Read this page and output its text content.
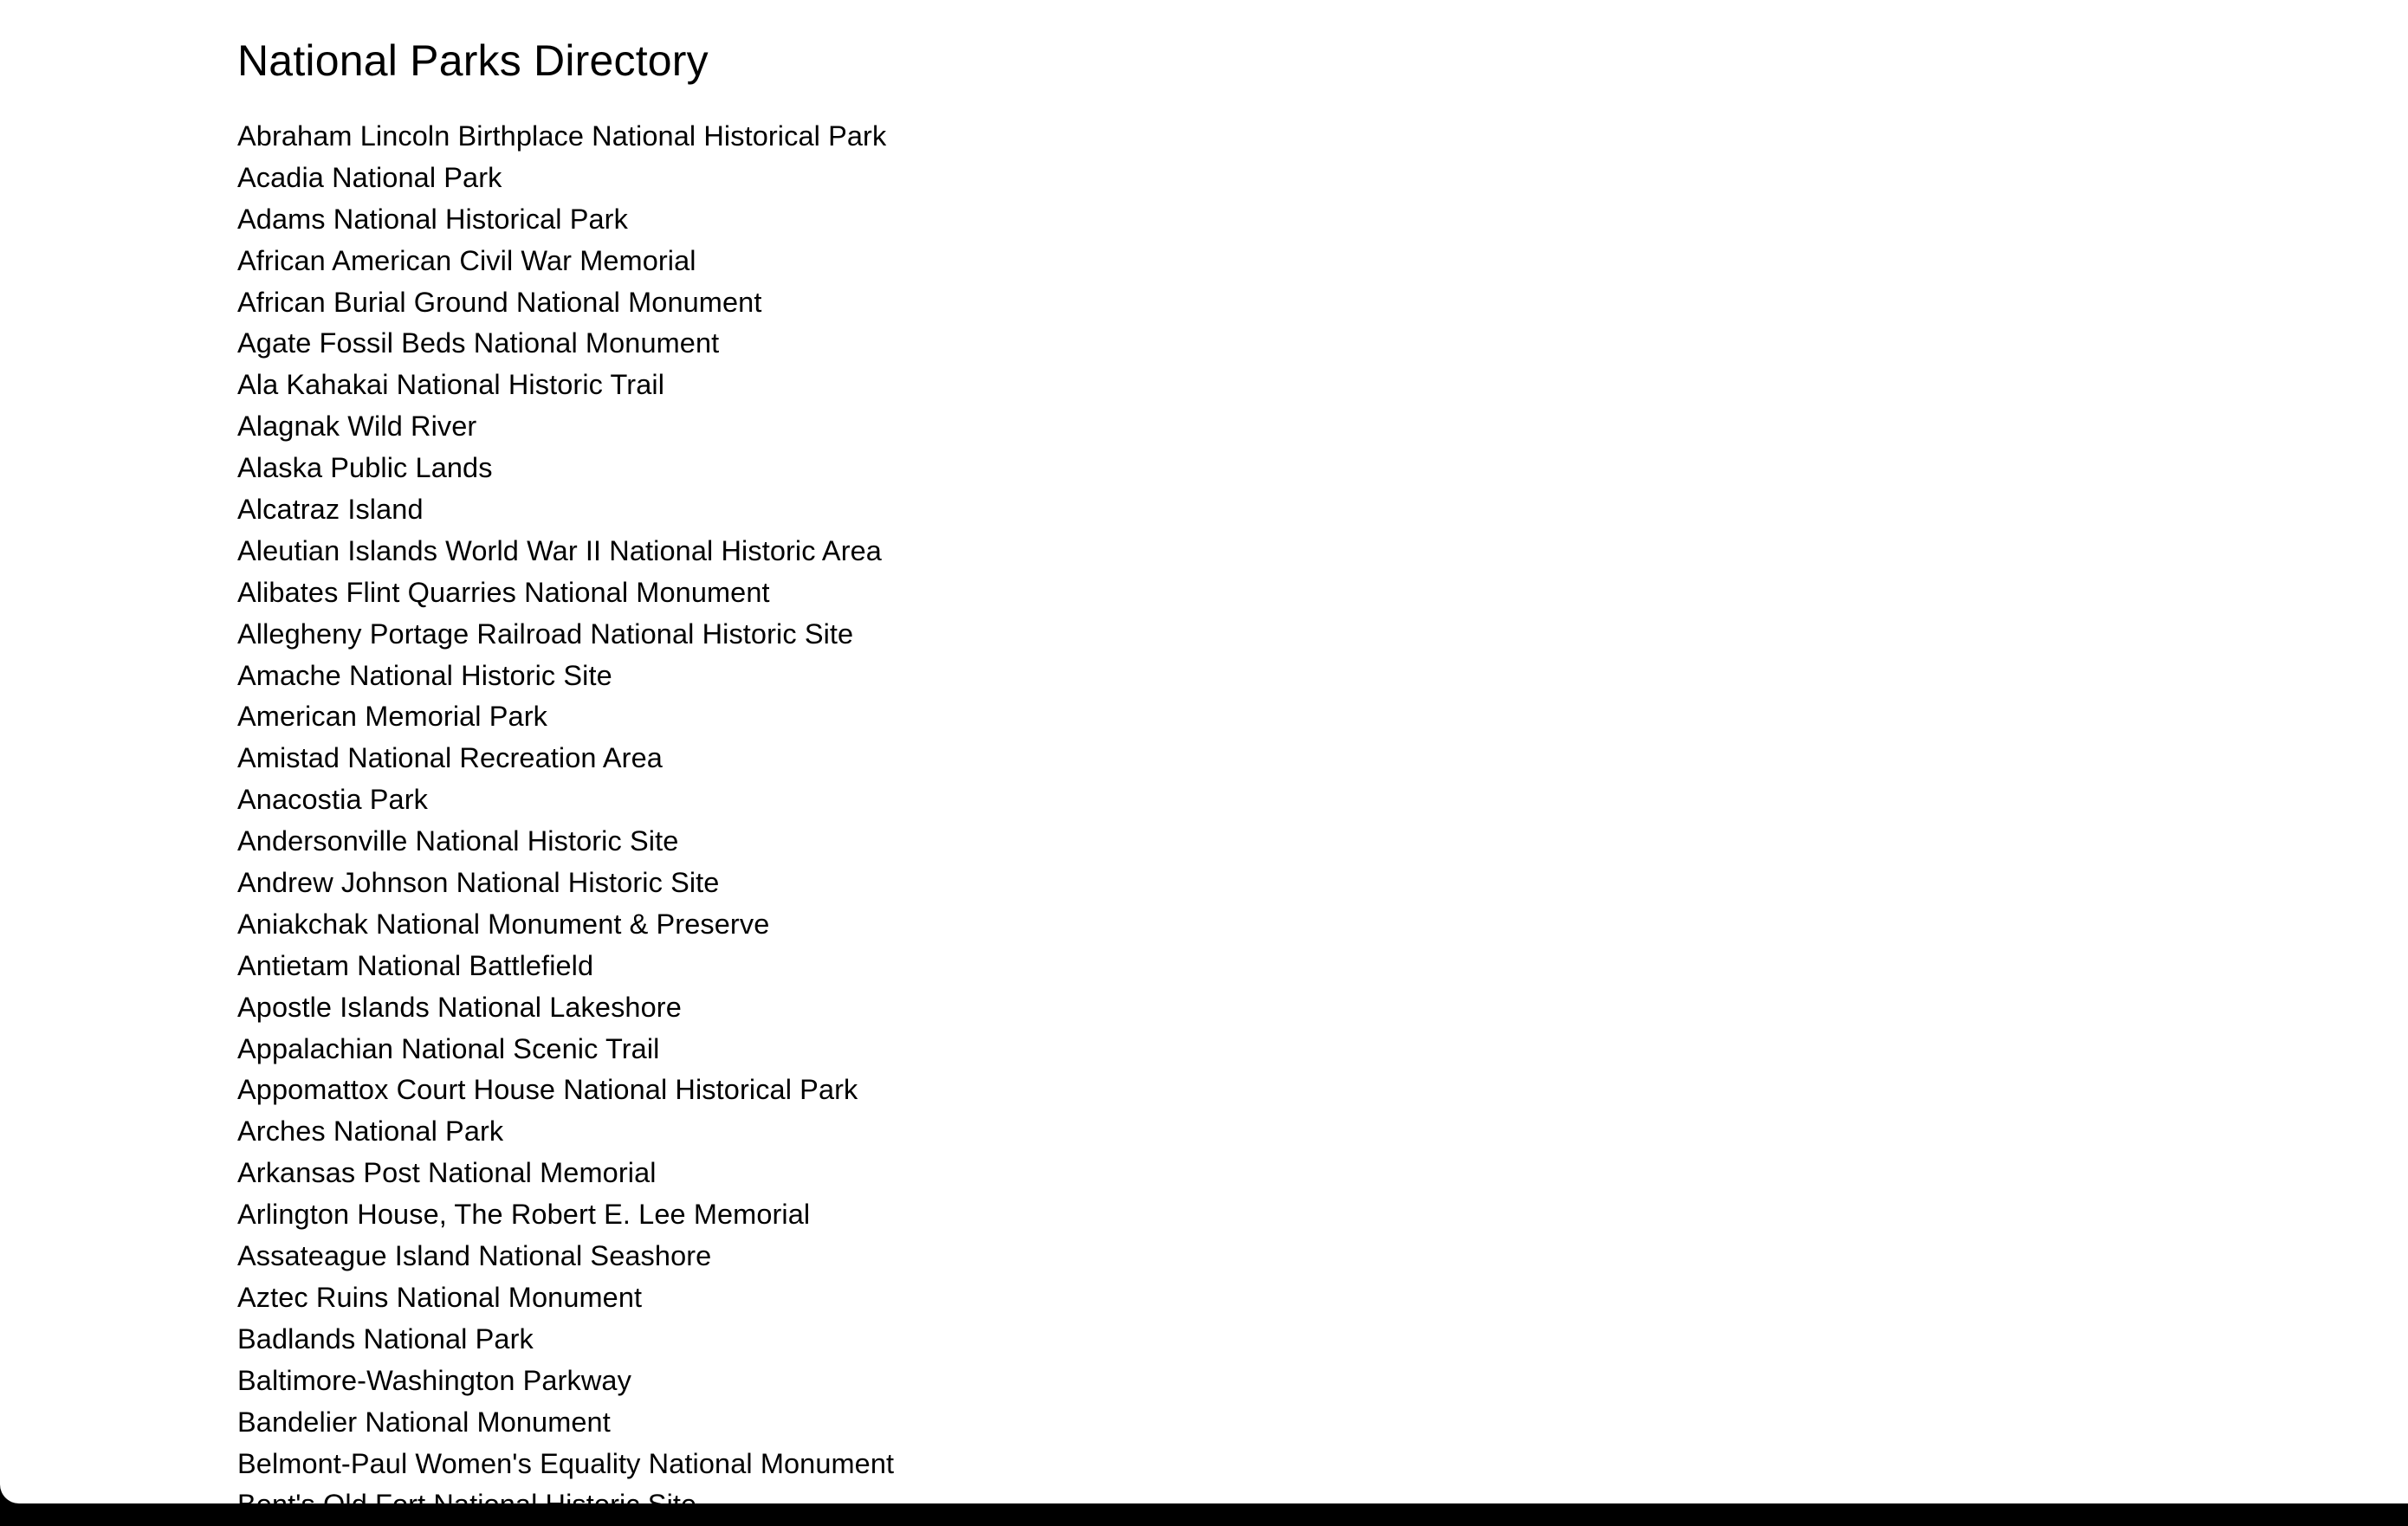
National Parks Directory
Abraham Lincoln Birthplace National Historical Park
Acadia National Park
Adams National Historical Park
African American Civil War Memorial
African Burial Ground National Monument
Agate Fossil Beds National Monument
Ala Kahakai National Historic Trail
Alagnak Wild River
Alaska Public Lands
Alcatraz Island
Aleutian Islands World War II National Historic Area
Alibates Flint Quarries National Monument
Allegheny Portage Railroad National Historic Site
Amache National Historic Site
American Memorial Park
Amistad National Recreation Area
Anacostia Park
Andersonville National Historic Site
Andrew Johnson National Historic Site
Aniakchak National Monument & Preserve
Antietam National Battlefield
Apostle Islands National Lakeshore
Appalachian National Scenic Trail
Appomattox Court House National Historical Park
Arches National Park
Arkansas Post National Memorial
Arlington House, The Robert E. Lee Memorial
Assateague Island National Seashore
Aztec Ruins National Monument
Badlands National Park
Baltimore-Washington Parkway
Bandelier National Monument
Belmont-Paul Women's Equality National Monument
Bent's Old Fort National Historic Site
